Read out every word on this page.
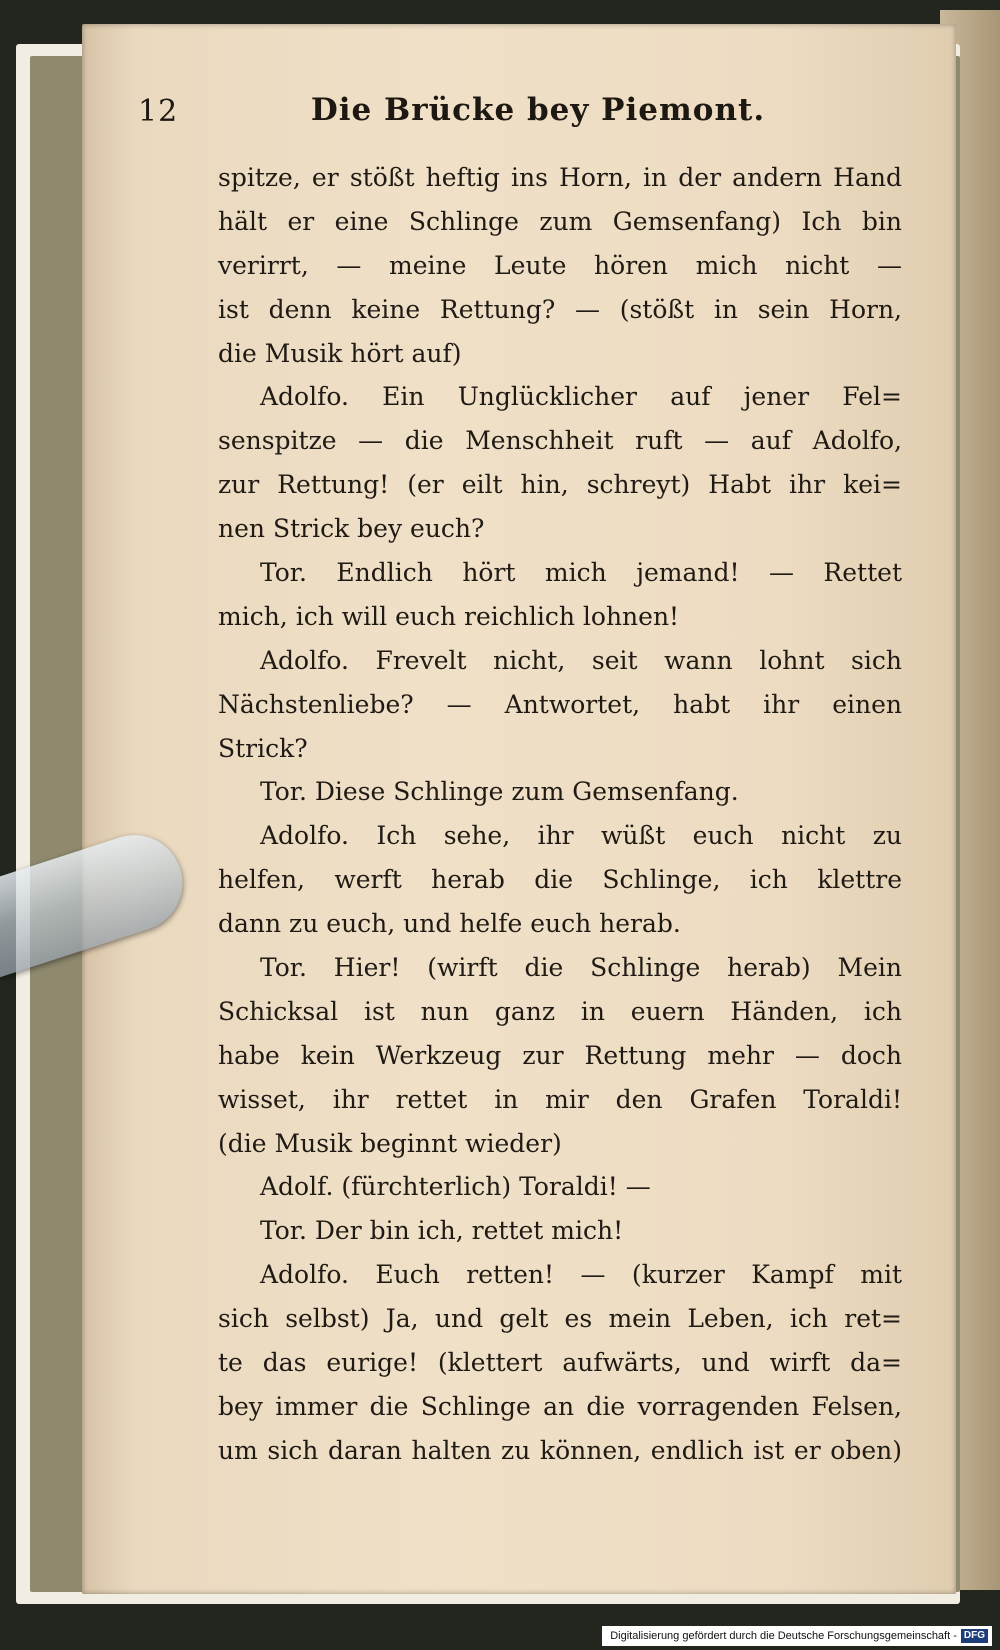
12	Die Brücke bey Piemont.
spitze, er stößt heftig ins Horn, in der andern Hand
hält er eine Schlinge zum Gemsenfang) Ich bin
verirrt, — meine Leute hören mich nicht —
ist denn keine Rettung? — (stößt in sein Horn,
die Musik hört auf)
Adolfo. Ein Unglücklicher auf jener Fel=
senspitze — die Menschheit ruft — auf Adolfo,
zur Rettung! (er eilt hin, schreyt) Habt ihr kei=
nen Strick bey euch?
Tor. Endlich hört mich jemand! — Rettet
mich, ich will euch reichlich lohnen!
Adolfo. Frevelt nicht, seit wann lohnt sich
Nächstenliebe? — Antwortet, habt ihr einen
Strick?
Tor. Diese Schlinge zum Gemsenfang.
Adolfo. Ich sehe, ihr wüßt euch nicht zu
helfen, werft herab die Schlinge, ich klettre
dann zu euch, und helfe euch herab.
Tor. Hier! (wirft die Schlinge herab) Mein
Schicksal ist nun ganz in euern Händen, ich
habe kein Werkzeug zur Rettung mehr — doch
wisset, ihr rettet in mir den Grafen Toraldi!
(die Musik beginnt wieder)
Adolf. (fürchterlich) Toraldi! —
Tor. Der bin ich, rettet mich!
Adolfo. Euch retten! — (kurzer Kampf mit
sich selbst) Ja, und gelt es mein Leben, ich ret=
te das eurige! (klettert aufwärts, und wirft da=
bey immer die Schlinge an die vorragenden Felsen,
um sich daran halten zu können, endlich ist er oben)
Digitalisierung gefördert durch die Deutsche Forschungsgemeinschaft - DFG
